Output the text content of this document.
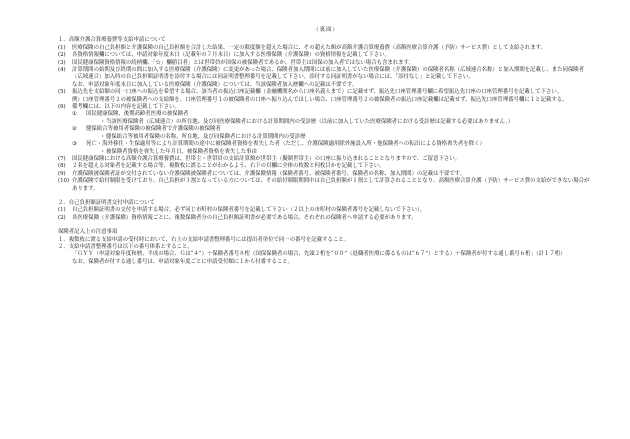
（裏面）
１．高額介護合算療養費等支給申請について
(1)	医療保険の自己負担額と介護保険の自己負担額を合計した結果、一定の限度額を超えた場合に、その超えた額が高額介護合算療養費（高額医療合算介護（予防）サービス費）として支給されます。
(2)	各資格情報欄については、申請対象年度末日（記載年の７月末日）に加入する医療保険（介護保険）の資格情報を記載して下さい。
(3)	国民健康保険資格情報の続柄欄、「☆」欄値目者」とは世帯員が国保の被保険者であるか、世帯主は国保の加入者ではない場合も含まれます。
(4)	計算期間の始期及び終期の間に加入する医療保険（介護保険）に変更があった場合、保険者加入期間には前に加入していた医療保険（介護保険）の保険者名称（広域連合名称）と加入期間を記載し、また同保険者（広域連合）加入時の自己負担額証明書を添付する場合には同証明書整理番号を記載して下さい。添付する同証明書がない場合には、「添付なし」と記載して下さい。
なお、申請対象年度末日に加入している医療保険（介護保険）については、当該保険者加入歴欄への記載は不要です。
(5)	振込先を支給額の同一口座への振込を希望する場合、該当者の振込口座記載欄（金融機関名から口座名義人まで）に記載せず、振込先口座管理番号欄に希望振込先口座の口座管理番号を記載して下さい。
例）口座管理番号２の被保険者への支給額を、口座管理番号１の被保険者の口座へ振り込んでほしい場合、口座管理番号２の被保険者の振込口座記載欄は記載せず、振込先口座管理番号欄に１と記載する。
(6)	備考欄には、以下の内容を記載して下さい。
①	国民健康保険、後期高齢者医療の被保険者
・ 当該医療保険者（広域連合）の所在地、及び同医療保険者における計算期間内の受診歴（以前に加入していた医療保険者における受診歴は記載する必要はありません。）
②	健保組合等被用者保険の被保険者で介護保険の被保険者
・ 健保組合等被用者保険の名称、所在地、及び同保険者における計算期間内の受診歴
③	死亡・海外移住・生保適用等により計算期間の途中に被保険者資格を喪失した者（ただし、介護保険適用除外施設入所・他保険者への転出による資格喪失者を除く）
・ 被保険者資格を喪失した年月日、被保険者資格を喪失した事由
(7)	国民健康保険における高額介護合算療養費は、世帯主・世帯員の支給計算額が世帯主（擬制世帯主）の口座に振り込まれることとなりますので、ご留意下さい。
(8)	２名を超える対象者を記載する場合等、複数枚に渡ることがわかるよう、右下の頁欄に全体の枚数と何枚目かを記載して下さい。
(9)	介護保険被保険者証が交付されていない介護保険被保険者については、介護保険情報（保険者番号、被保険者番号、保険者の名称、加入期間）の記載は不要です。
(10) 介護保険で給付制限を受けており、自己負担が３割となっている方については、その給付制限期間中は自己負担額が１割として計算されることとなり、高額医療合算介護（予防）サービス費の支給ができない場合があります。
２．自己負担額証明書交付申請について
(1)	自己負担額証明書の交付を申請する場合、必ず同じ市町村の保険者番号を記載して下さい（２以上の市町村の保険者番号を記載しないで下さい）。
(2)	各医療保険（介護保険）資格情報ごとに、複数保険者分の自己負担額証明書が必要である場合、それぞれの保険者へ申請する必要があります。
保険者記入上の注意事項
１．複数枚に渡る支給申請の受付時において、右上の支給申請書整理番号には提出者単位で同一の番号を記載すること。
２．支給申請書整理番号は以下の番号体系とすること。
「ＧＹＹ（申請対象年度和暦、平成の場合、Ｇは“４”）＋保険者番号８桁（国保保険者の場合、先頭２桁を“００”（退職者医療に係るものは“６７”）とする）＋保険者が付する通し番号６桁」（計１７桁）
なお、保険者が付する通し番号は、申請対象年度ごとに申請受付順に１から付番すること。
